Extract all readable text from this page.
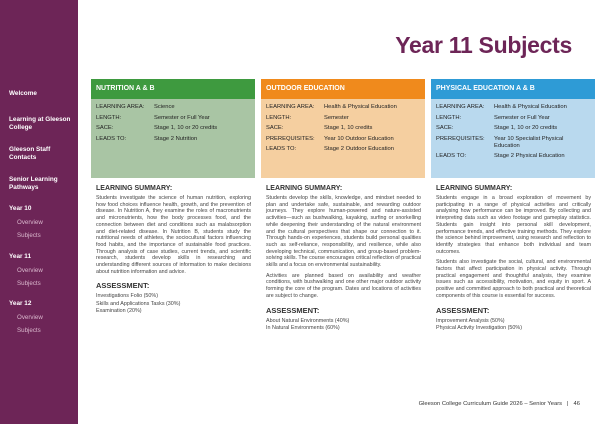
Welcome
Learning at Gleeson College
Gleeson Staff Contacts
Senior Learning Pathways
Year 10
Overview
Subjects
Year 11
Overview
Subjects
Year 12
Overview
Subjects
Year 11 Subjects
NUTRITION A & B
LEARNING AREA:	Science
LENGTH:	Semester or Full Year
SACE:	Stage 1, 10 or 20 credits
LEADS TO:	Stage 2 Nutrition
LEARNING SUMMARY:
Students investigate the science of human nutrition, exploring how food choices influence health, growth, and the prevention of disease. In Nutrition A, they examine the roles of macronutrients and micronutrients, how the body processes food, and the connection between diet and conditions such as malabsorption and diet-related disease. In Nutrition B, students study the nutritional needs of athletes, the sociocultural factors influencing food habits, and the importance of sustainable food practices. Through analysis of case studies, current trends, and scientific research, students develop skills in researching and understanding different sources of information to make decisions about nutrition information and advice.
ASSESSMENT:
Investigations Folio (50%)
Skills and Applications Tasks (30%)
Examination (20%)
OUTDOOR EDUCATION
LEARNING AREA:	Health & Physical Education
LENGTH:	Semester
SACE:	Stage 1, 10 credits
PREREQUISITES:	Year 10 Outdoor Education
LEADS TO:	Stage 2 Outdoor Education
LEARNING SUMMARY:
Students develop the skills, knowledge, and mindset needed to plan and undertake safe, sustainable, and rewarding outdoor journeys. They explore human-powered and nature-assisted activities—such as bushwalking, kayaking, surfing or snorkelling while deepening their understanding of the natural environment and the cultural perspectives that shape our connection to it. Through hands-on experiences, students build personal qualities such as self-reliance, responsibility, and resilience, while also developing technical, communication, and group-based problem-solving skills. The course encourages critical reflection of practical skills and a focus on environmental sustainability.
Activities are planned based on availability and weather conditions, with bushwalking and one other major outdoor activity forming the core of the program. Dates and locations of activities are subject to change.
ASSESSMENT:
About Natural Environments (40%)
In Natural Environments (60%)
PHYSICAL EDUCATION A & B
LEARNING AREA:	Health & Physical Education
LENGTH:	Semester or Full Year
SACE:	Stage 1, 10 or 20 credits
PREREQUISITES:	Year 10 Specialist Physical Education
LEADS TO:	Stage 2 Physical Education
LEARNING SUMMARY:
Students engage in a broad exploration of movement by participating in a range of physical activities and critically analysing how performance can be improved. By collecting and interpreting data such as video footage and gameplay statistics. Students gain insight into personal skill development, performance trends, and effective training methods. They explore the science behind improvement, using research and reflection to identify strategies that enhance both individual and team outcomes.
Students also investigate the social, cultural, and environmental factors that affect participation in physical activity. Through practical engagement and thoughtful analysis, they examine issues such as accessibility, motivation, and equity in sport. A positive and committed approach to both practical and theoretical components of this course is essential for success.
ASSESSMENT:
Improvement Analysis (50%)
Physical Activity Investigation (50%)
Gleeson College Curriculum Guide 2026 – Senior Years | 46
